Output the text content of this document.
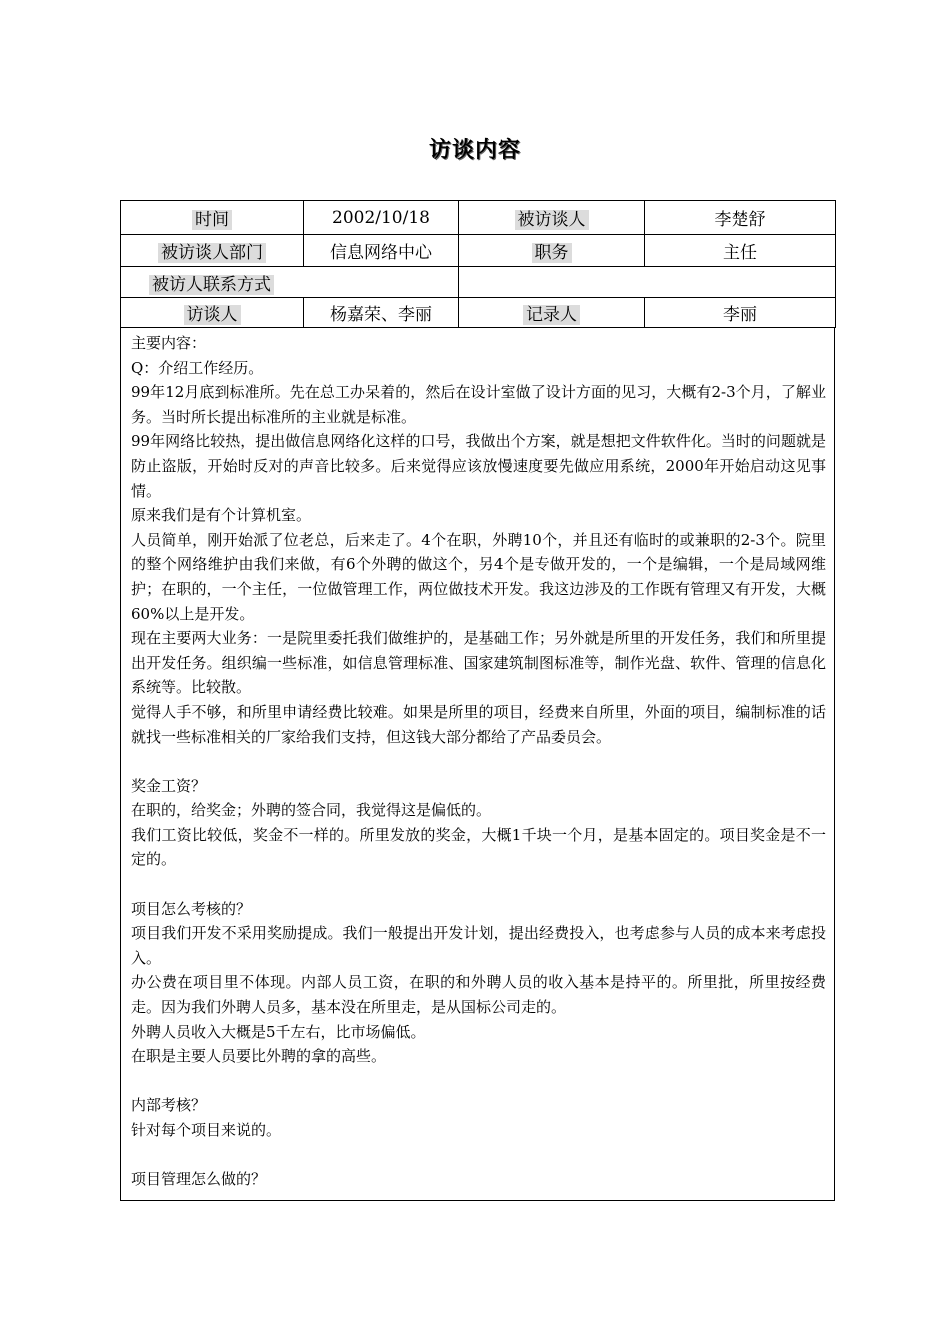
访谈内容
时间	2002/10/18	被访谈人	李楚舒
被访谈人部门	信息网络中心	职务	主任
被访人联系方式			
访谈人	杨嘉荣、李丽	记录人	李丽

主要内容：

Q：介绍工作经历。

99年12月底到标准所。先在总工办呆着的，然后在设计室做了设计方面的见习，大概有2-3个月，了解业务。当时所长提出标准所的主业就是标准。

99年网络比较热，提出做信息网络化这样的口号，我做出个方案，就是想把文件软件化。当时的问题就是防止盗版，开始时反对的声音比较多。后来觉得应该放慢速度要先做应用系统，2000年开始启动这见事情。

原来我们是有个计算机室。

人员简单，刚开始派了位老总，后来走了。4个在职，外聘10个，并且还有临时的或兼职的2-3个。院里的整个网络维护由我们来做，有6个外聘的做这个，另4个是专做开发的，一个是编辑，一个是局域网维护；在职的，一个主任，一位做管理工作，两位做技术开发。我这边涉及的工作既有管理又有开发，大概60%以上是开发。

现在主要两大业务：一是院里委托我们做维护的，是基础工作；另外就是所里的开发任务，我们和所里提出开发任务。组织编一些标准，如信息管理标准、国家建筑制图标准等，制作光盘、软件、管理的信息化系统等。比较散。

觉得人手不够，和所里申请经费比较难。如果是所里的项目，经费来自所里，外面的项目，编制标准的话就找一些标准相关的厂家给我们支持，但这钱大部分都给了产品委员会。

奖金工资？

在职的，给奖金；外聘的签合同，我觉得这是偏低的。

我们工资比较低，奖金不一样的。所里发放的奖金，大概1千块一个月，是基本固定的。项目奖金是不一定的。

项目怎么考核的？

项目我们开发不采用奖励提成。我们一般提出开发计划，提出经费投入，也考虑参与人员的成本来考虑投入。

办公费在项目里不体现。内部人员工资，在职的和外聘人员的收入基本是持平的。所里批，所里按经费走。因为我们外聘人员多，基本没在所里走，是从国标公司走的。

外聘人员收入大概是5千左右，比市场偏低。

在职是主要人员要比外聘的拿的高些。

内部考核？

针对每个项目来说的。

项目管理怎么做的？
